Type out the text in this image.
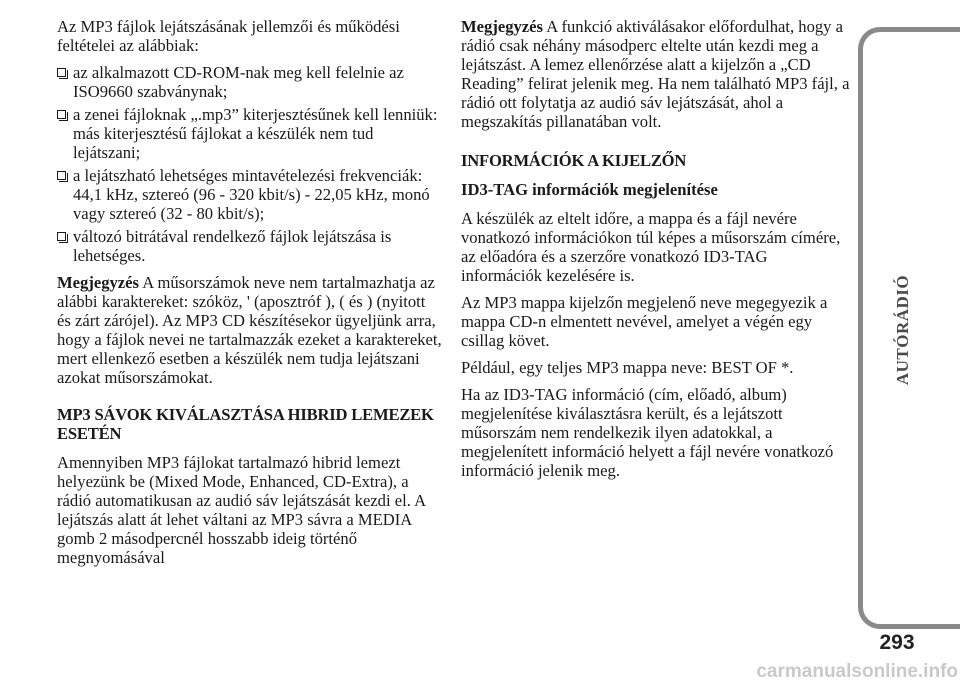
Az MP3 fájlok lejátszásának jellemzői és működési feltételei az alábbiak:

az alkalmazott CD-ROM-nak meg kell felelnie az ISO9660 szabványnak;
a zenei fájloknak „.mp3” kiterjesztésűnek kell lenniük: más kiterjesztésű fájlokat a készülék nem tud lejátszani;
a lejátszható lehetséges mintavételezési frekvenciák: 44,1 kHz, sztereó (96 - 320 kbit/s) - 22,05 kHz, monó vagy sztereó (32 - 80 kbit/s);
változó bitrátával rendelkező fájlok lejátszása is lehetséges.

Megjegyzés A műsorszámok neve nem tartalmazhatja az alábbi karaktereket: szóköz, ' (aposztróf ), ( és ) (nyitott és zárt zárójel). Az MP3 CD készítésekor ügyeljünk arra, hogy a fájlok nevei ne tartalmazzák ezeket a karaktereket, mert ellenkező esetben a készülék nem tudja lejátszani azokat műsorszámokat.

MP3 SÁVOK KIVÁLASZTÁSA HIBRID LEMEZEK ESETÉN

Amennyiben MP3 fájlokat tartalmazó hibrid lemezt helyezünk be (Mixed Mode, Enhanced, CD-Extra), a rádió automatikusan az audió sáv lejátszását kezdi el. A lejátszás alatt át lehet váltani az MP3 sávra a MEDIA gomb 2 másodpercnél hosszabb ideig történő megnyomásával

Megjegyzés A funkció aktiválásakor előfordulhat, hogy a rádió csak néhány másodperc eltelte után kezdi meg a lejátszást. A lemez ellenőrzése alatt a kijelzőn a „CD Reading” felirat jelenik meg. Ha nem található MP3 fájl, a rádió ott folytatja az audió sáv lejátszását, ahol a megszakítás pillanatában volt.

INFORMÁCIÓK A KIJELZŐN
ID3-TAG információk megjelenítése

A készülék az eltelt időre, a mappa és a fájl nevére vonatkozó információkon túl képes a műsorszám címére, az előadóra és a szerzőre vonatkozó ID3-TAG információk kezelésére is.

Az MP3 mappa kijelzőn megjelenő neve megegyezik a mappa CD-n elmentett nevével, amelyet a végén egy csillag követ.

Például, egy teljes MP3 mappa neve: BEST OF *.

Ha az ID3-TAG információ (cím, előadó, album) megjelenítése kiválasztásra került, és a lejátszott műsorszám nem rendelkezik ilyen adatokkal, a megjelenített információ helyett a fájl nevére vonatkozó információ jelenik meg.

AUTÓRÁDIÓ
293
carmanualsonline.info
